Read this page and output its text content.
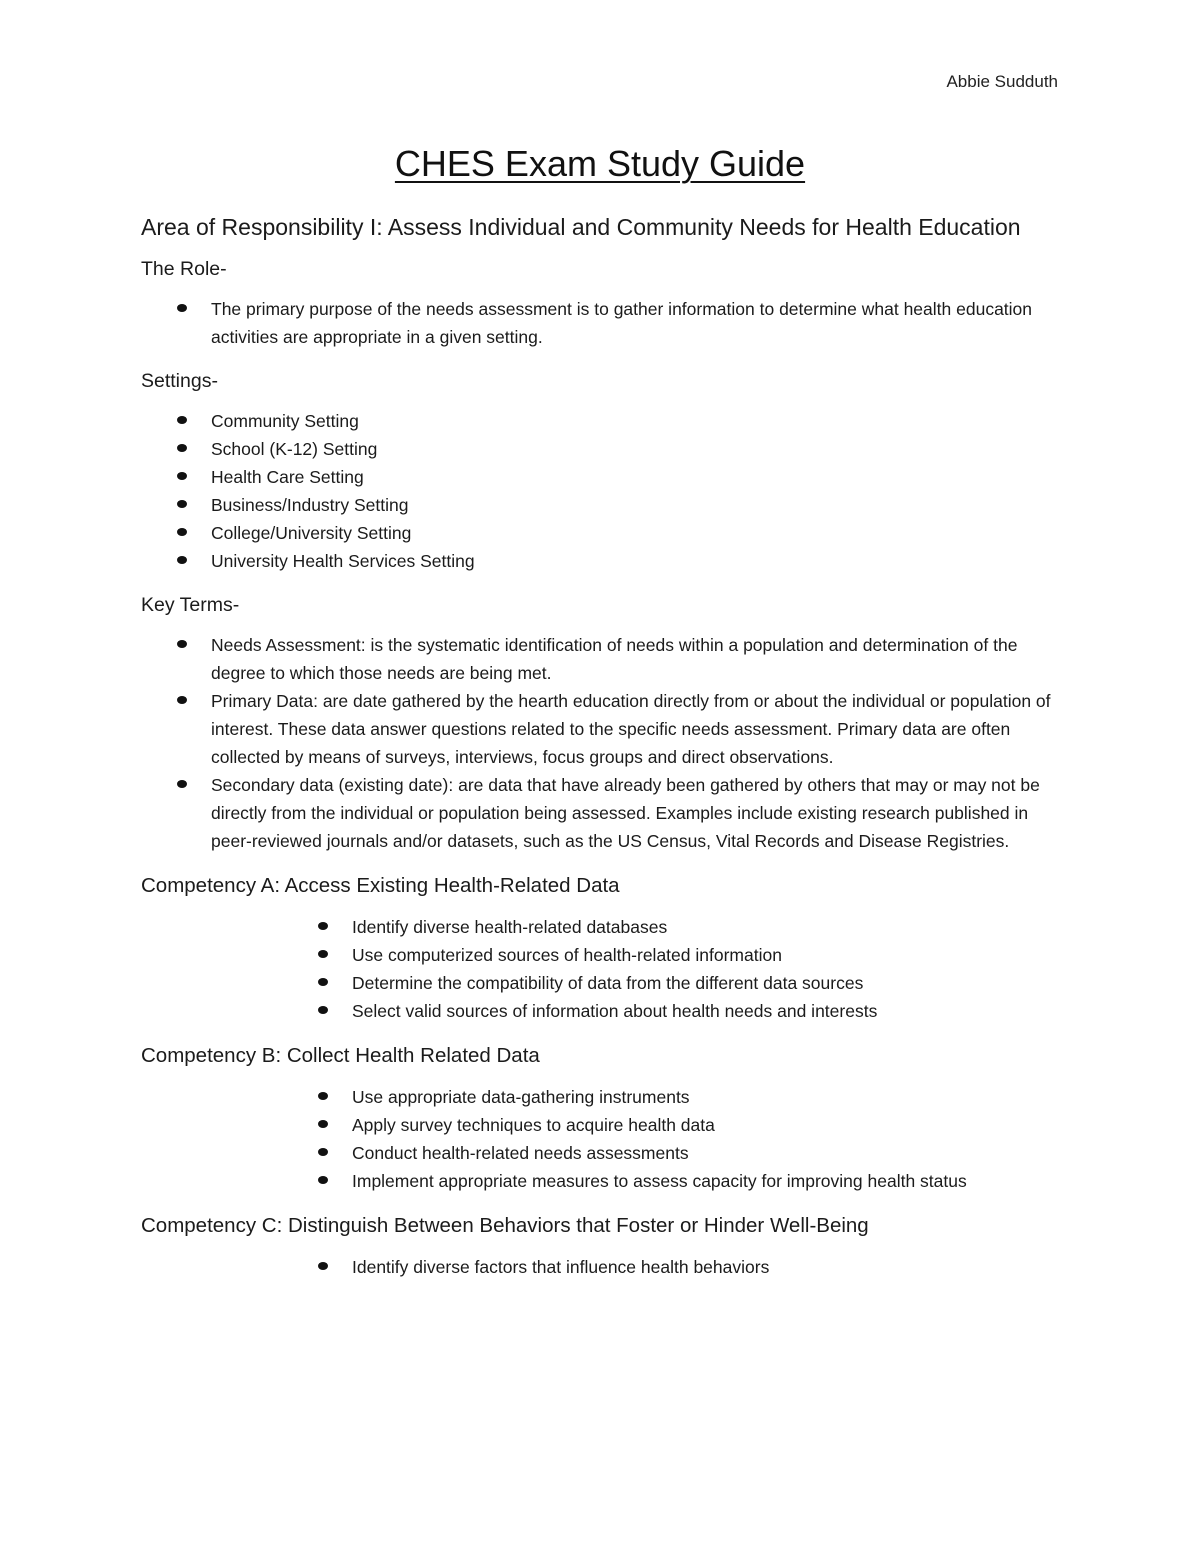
Abbie Sudduth
CHES Exam Study Guide
Area of Responsibility I: Assess Individual and Community Needs for Health Education
The Role-
The primary purpose of the needs assessment is to gather information to determine what health education activities are appropriate in a given setting.
Settings-
Community Setting
School (K-12) Setting
Health Care Setting
Business/Industry Setting
College/University Setting
University Health Services Setting
Key Terms-
Needs Assessment: is the systematic identification of needs within a population and determination of the degree to which those needs are being met.
Primary Data: are date gathered by the hearth education directly from or about the individual or population of interest. These data answer questions related to the specific needs assessment. Primary data are often collected by means of surveys, interviews, focus groups and direct observations.
Secondary data (existing date): are data that have already been gathered by others that may or may not be directly from the individual or population being assessed. Examples include existing research published in peer-reviewed journals and/or datasets, such as the US Census, Vital Records and Disease Registries.
Competency A: Access Existing Health-Related Data
Identify diverse health-related databases
Use computerized sources of health-related information
Determine the compatibility of data from the different data sources
Select valid sources of information about health needs and interests
Competency B: Collect Health Related Data
Use appropriate data-gathering instruments
Apply survey techniques to acquire health data
Conduct health-related needs assessments
Implement appropriate measures to assess capacity for improving health status
Competency C: Distinguish Between Behaviors that Foster or Hinder Well-Being
Identify diverse factors that influence health behaviors
